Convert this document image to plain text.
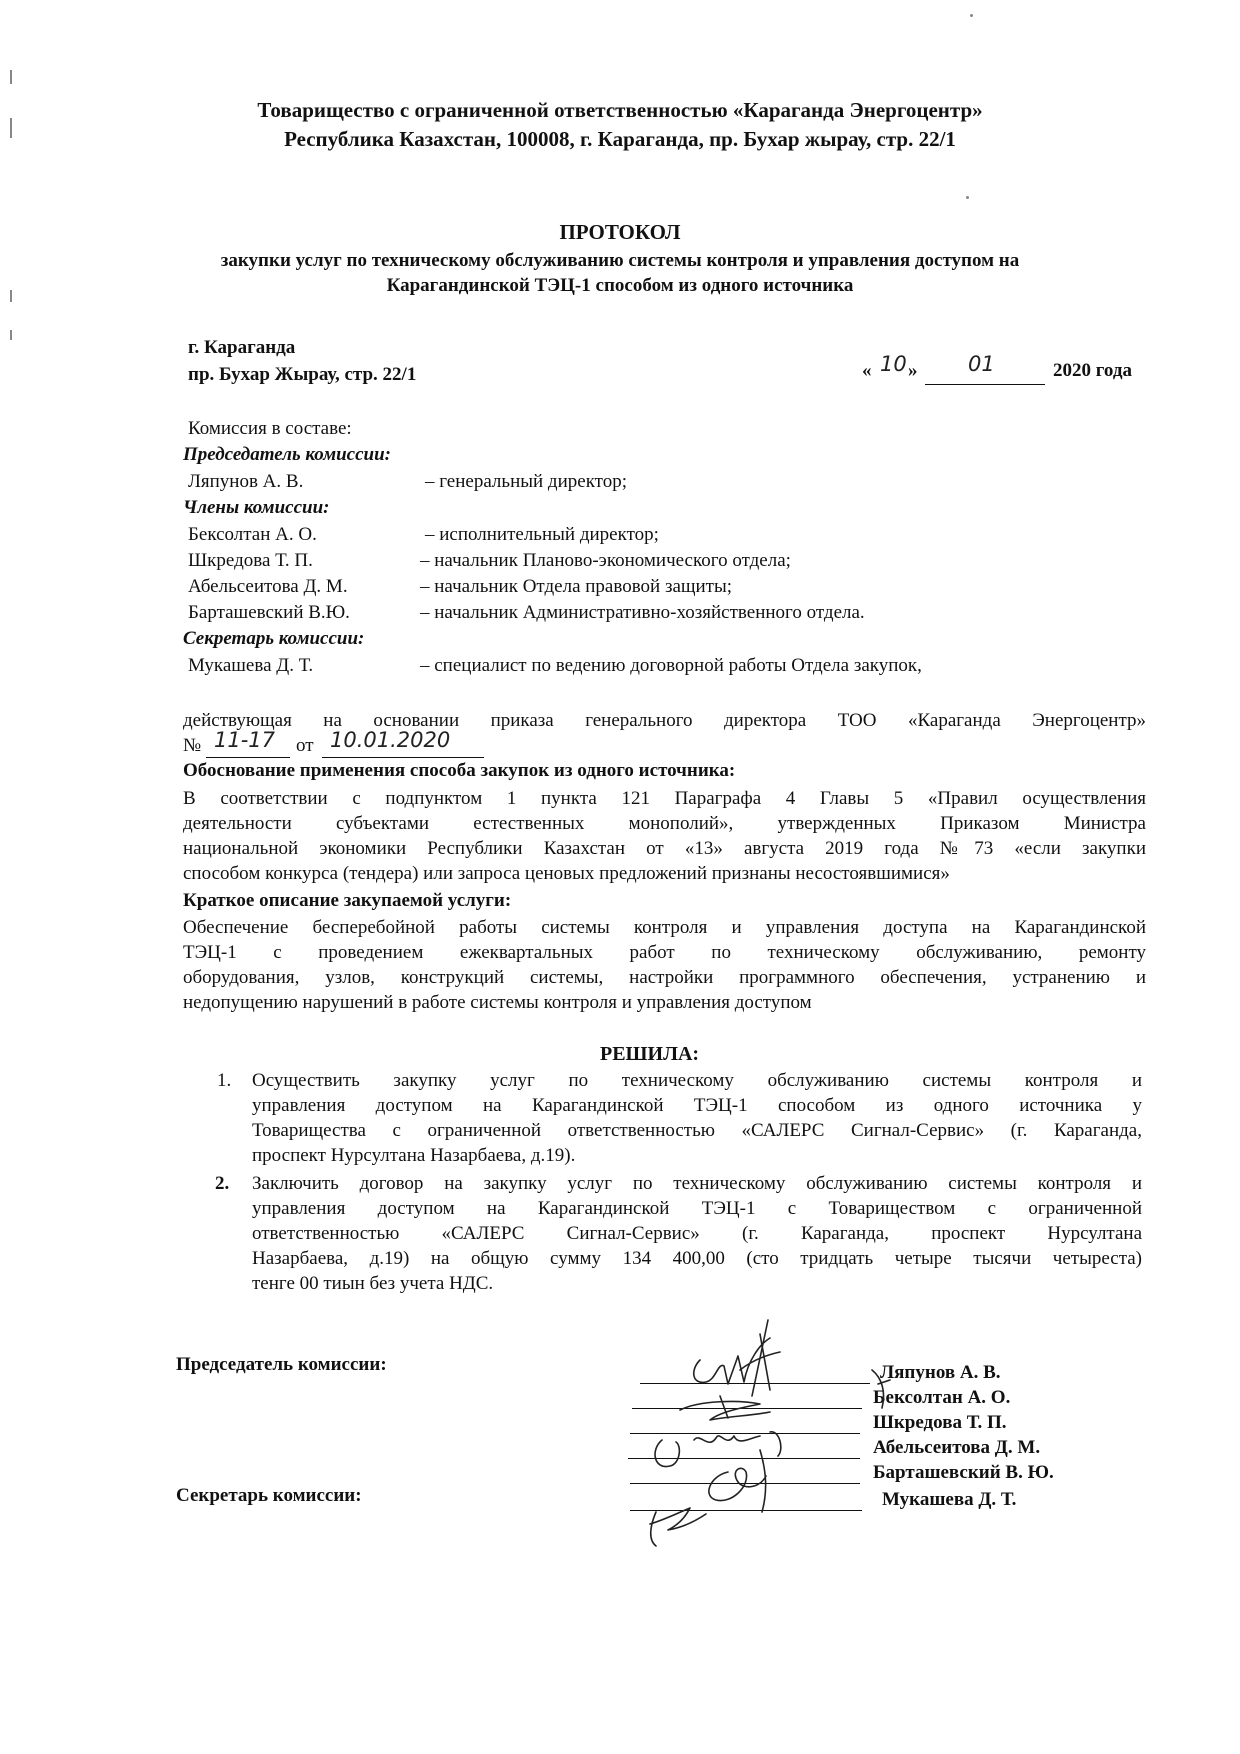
Товарищество с ограниченной ответственностью «Караганда Энергоцентр»
Республика Казахстан, 100008, г. Караганда, пр. Бухар жырау, стр. 22/1
ПРОТОКОЛ
закупки услуг по техническому обслуживанию системы контроля и управления доступом на
Карагандинской ТЭЦ-1 способом из одного источника
г. Караганда
пр. Бухар Жырау, стр. 22/1	« 10 » 01	2020 года
Комиссия в составе:
Председатель комиссии:
Ляпунов А. В.	– генеральный директор;
Члены комиссии:
Бексолтан А. О.	– исполнительный директор;
Шкредова Т. П.	– начальник Планово-экономического отдела;
Абельсеитова Д. М.	– начальник Отдела правовой защиты;
Барташевский В.Ю.	– начальник Административно-хозяйственного отдела.
Секретарь комиссии:
Мукашева Д. Т.	– специалист по ведению договорной работы Отдела закупок,
действующая на основании приказа генерального директора ТОО «Караганда Энергоцентр»
№ 11-17 от 10.01.2020
Обоснование применения способа закупок из одного источника:
В соответствии с подпунктом 1 пункта 121 Параграфа 4 Главы 5 «Правил осуществления
деятельности субъектами естественных монополий», утвержденных Приказом Министра
национальной экономики Республики Казахстан от «13» августа 2019 года №73 «если закупки
способом конкурса (тендера) или запроса ценовых предложений признаны несостоявшимися»
Краткое описание закупаемой услуги:
Обеспечение бесперебойной работы системы контроля и управления доступа на Карагандинской
ТЭЦ-1 с проведением ежеквартальных работ по техническому обслуживанию, ремонту
оборудования, узлов, конструкций системы, настройки программного обеспечения, устранению и
недопущению нарушений в работе системы контроля и управления доступом
РЕШИЛА:
1. Осуществить закупку услуг по техническому обслуживанию системы контроля и
управления доступом на Карагандинской ТЭЦ-1 способом из одного источника у
Товарищества с ограниченной ответственностью «САЛЕРС Сигнал-Сервис» (г. Караганда,
проспект Нурсултана Назарбаева, д.19).
2. Заключить договор на закупку услуг по техническому обслуживанию системы контроля и
управления доступом на Карагандинской ТЭЦ-1 с Товариществом с ограниченной
ответственностью «САЛЕРС Сигнал-Сервис» (г. Караганда, проспект Нурсултана
Назарбаева, д.19) на общую сумму 134 400,00 (сто тридцать четыре тысячи четыреста)
тенге 00 тиын без учета НДС.
Председатель комиссии:
Секретарь комиссии:
Ляпунов А. В.
Бексолтан А. О.
Шкредова Т. П.
Абельсеитова Д. М.
Барташевский В. Ю.
Мукашева Д. Т.
